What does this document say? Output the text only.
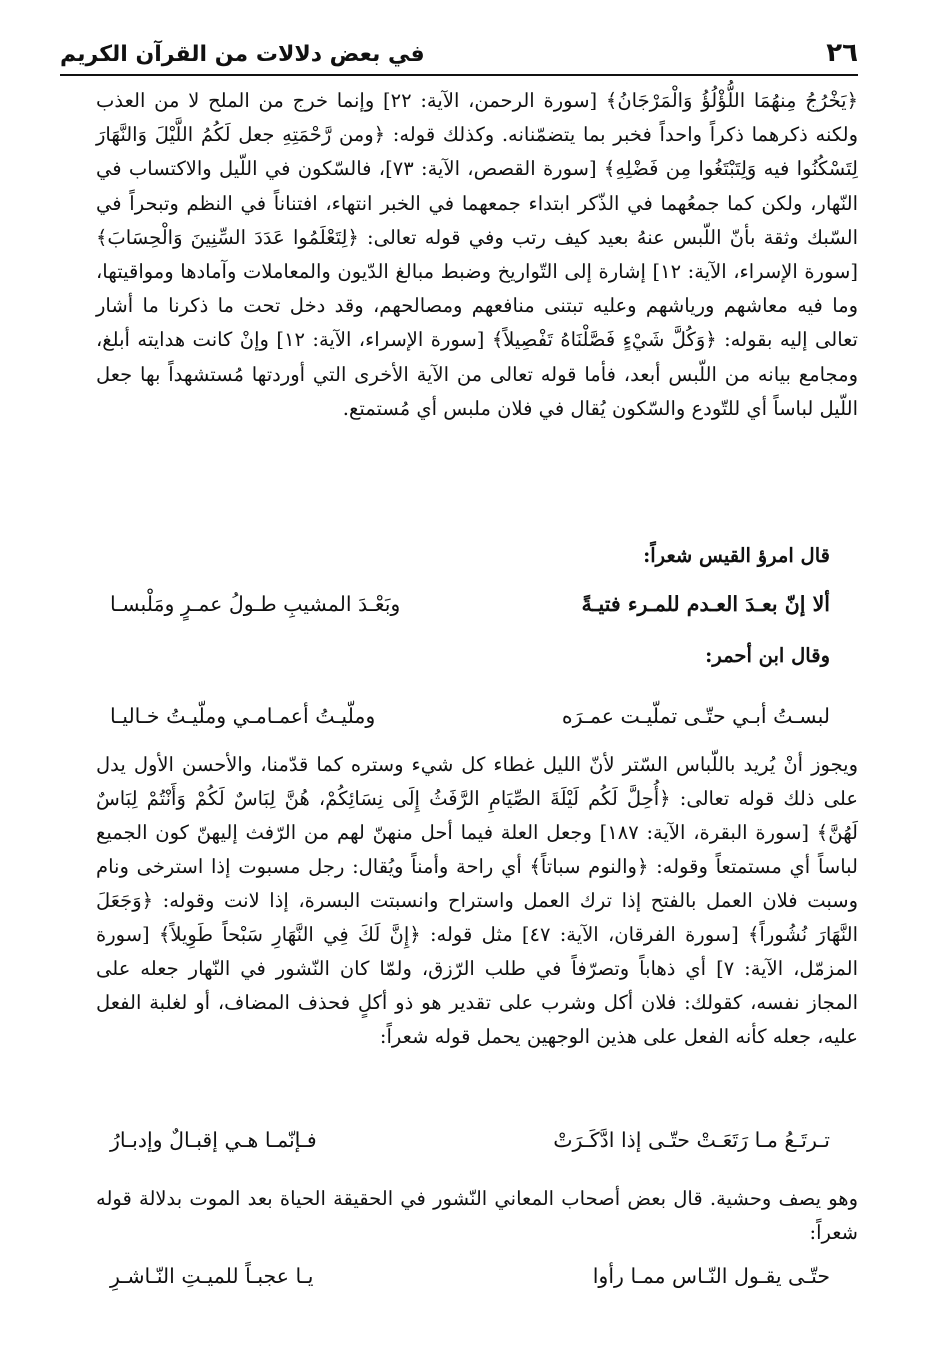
٢٦
في بعض دلالات من القرآن الكريم

﴿يَخْرُجُ مِنهُمَا اللُّؤْلُؤُ وَالْمَرْجَانُ﴾ [سورة الرحمن، الآية: ٢٢] وإنما خرج من الملح لا من العذب ولكنه ذكرهما ذكراً واحداً فخبر بما يتضمّنانه. وكذلك قوله: ﴿ومن رَّحْمَتِهِ جعل لَكُمُ اللَّيْلَ وَالنَّهَارَ لِتَسْكُنُوا فيه وَلِتَبْتَغُوا مِن فَضْلِهِ﴾ [سورة القصص، الآية: ٧٣]، فالسّكون في اللّيل والاكتساب في النّهار، ولكن كما جمعُهما في الذّكر ابتداء جمعهما في الخبر انتهاء، افتناناً في النظم وتبحراً في السّبك وثقة بأنّ اللّبس عنهُ بعيد كيف رتب وفي قوله تعالى: ﴿لِتَعْلَمُوا عَدَدَ السِّنِينَ وَالْحِسَابَ﴾ [سورة الإسراء، الآية: ١٢] إشارة إلى التّواريخ وضبط مبالغ الدّيون والمعاملات وآمادها ومواقيتها، وما فيه معاشهم ورياشهم وعليه تبتنى منافعهم ومصالحهم، وقد دخل تحت ما ذكرنا ما أشار تعالى إليه بقوله: ﴿وَكُلَّ شَيْءٍ فَصَّلْنَاهُ تَفْصِيلاً﴾ [سورة الإسراء، الآية: ١٢] وإنْ كانت هدايته أبلغ، ومجامع بيانه من اللّبس أبعد، فأما قوله تعالى من الآية الأخرى التي أوردتها مُستشهداً بها جعل اللّيل لباساً أي للتّودع والسّكون يُقال في فلان ملبس أي مُستمتع.

قال امرؤ القيس شعراً:
ألا إنّ بعـدَ العـدم للمـرء فتيـةً
وبَعْـدَ المشيبِ طـولُ عمـرٍ ومَلْبسـا
وقال ابن أحمر:
لبسـتُ أبـي حتّـى تملّيـت عمـرَه
وملّيـتُ أعمـامـي وملّيـتُ خـاليـا

ويجوز أنْ يُريد باللّباس السّتر لأنّ الليل غطاء كل شيء وستره كما قدّمنا، والأحسن الأول يدل على ذلك قوله تعالى: ﴿أُحِلَّ لَكُم لَيْلَةَ الصِّيَامِ الرَّفَثُ إِلَى نِسَائِكُمْ، هُنَّ لِبَاسٌ لَكُمْ وَأَنْتُمْ لِبَاسٌ لَهُنَّ﴾ [سورة البقرة، الآية: ١٨٧] وجعل العلة فيما أحل منهنّ لهم من الرّفث إليهنّ كون الجميع لباساً أي مستمتعاً وقوله: ﴿والنوم سباتاً﴾ أي راحة وأمناً ويُقال: رجل مسبوت إذا استرخى ونام وسبت فلان العمل بالفتح إذا ترك العمل واستراح وانسبتت البسرة، إذا لانت وقوله: ﴿وَجَعَلَ النَّهَارَ نُشُوراً﴾ [سورة الفرقان، الآية: ٤٧] مثل قوله: ﴿إِنَّ لَكَ فِي النَّهَارِ سَبْحاً طَوِيلاً﴾ [سورة المزمّل، الآية: ٧] أي ذهاباً وتصرّفاً في طلب الرّزق، ولمّا كان النّشور في النّهار جعله على المجاز نفسه، كقولك: فلان أكل وشرب على تقدير هو ذو أكلٍ فحذف المضاف، أو لغلبة الفعل عليه، جعله كأنه الفعل على هذين الوجهين يحمل قوله شعراً:

تـرتَـعُ مـا رَتَعَـتْ حتّـى إذا ادَّكَـرَتْ
فـإنّمـا هـي إقبـالٌ وإدبـارُ

وهو يصف وحشية. قال بعض أصحاب المعاني النّشور في الحقيقة الحياة بعد الموت بدلالة قوله شعراً:

حتّـى يقـول النّـاس ممـا رأوا
يـا عجبـاً للميـتِ النّـاشـرِ
